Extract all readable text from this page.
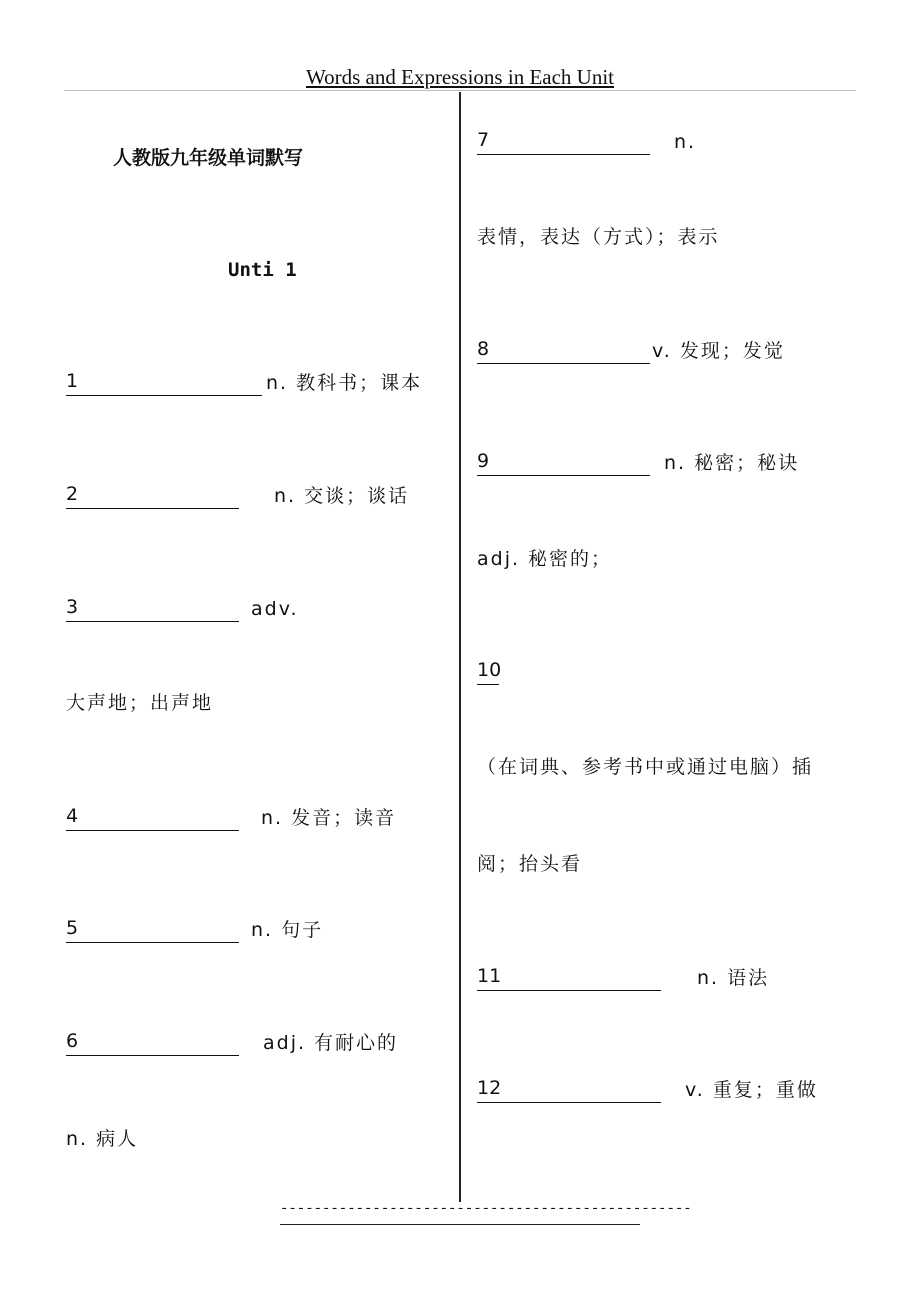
Words and Expressions in Each Unit
人教版九年级单词默写
Unti 1
1	n. 教科书；课本
2	n. 交谈；谈话
3	adv.
大声地；出声地
4	n. 发音；读音
5	n. 句子
6	adj. 有耐心的
n. 病人
7	n.
表情，表达（方式）；表示
8	v. 发现；发觉
9	n. 秘密；秘诀
adj. 秘密的；
10
（在词典、参考书中或通过电脑）插
阅；抬头看
11	n. 语法
12	v. 重复；重做
-------------------------------------------------
